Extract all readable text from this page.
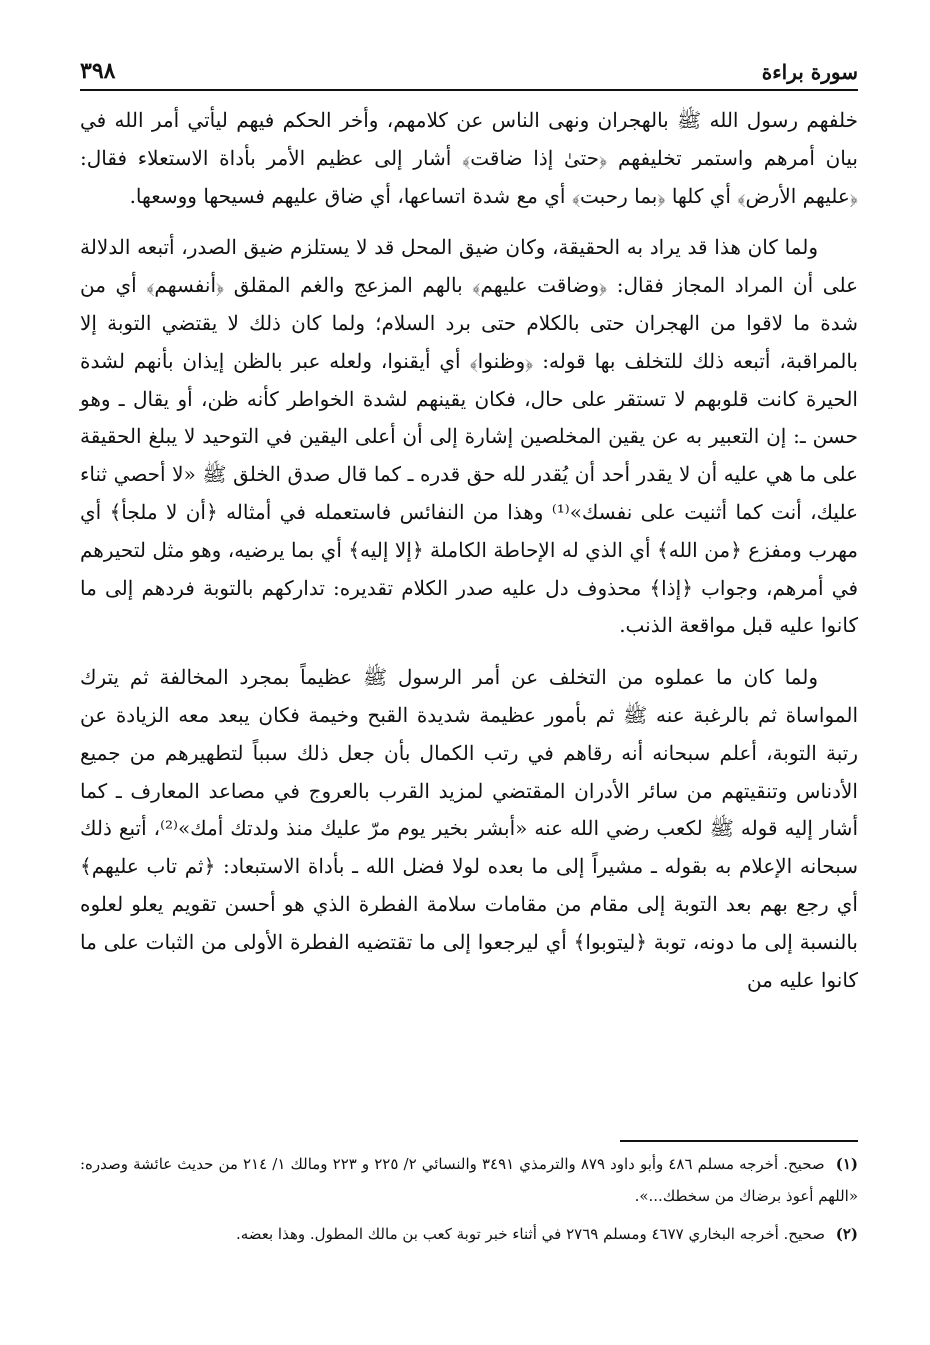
٣٩٨	سورة براءة

خلفهم رسول الله ﷺ بالهجران ونهى الناس عن كلامهم، وأخر الحكم فيهم ليأتي أمر الله في بيان أمرهم واستمر تخليفهم ﴿حتىٰ إذا ضاقت﴾ أشار إلى عظيم الأمر بأداة الاستعلاء فقال: ﴿عليهم الأرض﴾ أي كلها ﴿بما رحبت﴾ أي مع شدة اتساعها، أي ضاق عليهم فسيحها ووسعها.

ولما كان هذا قد يراد به الحقيقة، وكان ضيق المحل قد لا يستلزم ضيق الصدر، أتبعه الدلالة على أن المراد المجاز فقال: ﴿وضاقت عليهم﴾ بالهم المزعج والغم المقلق ﴿أنفسهم﴾ أي من شدة ما لاقوا من الهجران حتى بالكلام حتى برد السلام؛ ولما كان ذلك لا يقتضي التوبة إلا بالمراقبة، أتبعه ذلك للتخلف بها قوله: ﴿وظنوا﴾ أي أيقنوا، ولعله عبر بالظن إيذان بأنهم لشدة الحيرة كانت قلوبهم لا تستقر على حال، فكان يقينهم لشدة الخواطر كأنه ظن، أو يقال ـ وهو حسن ـ: إن التعبير به عن يقين المخلصين إشارة إلى أن أعلى اليقين في التوحيد لا يبلغ الحقيقة على ما هي عليه أن لا يقدر أحد أن يُقدر لله حق قدره ـ كما قال صدق الخلق ﷺ «لا أحصي ثناء عليك، أنت كما أثنيت على نفسك»⁽¹⁾ وهذا من النفائس فاستعمله في أمثاله ﴿أن لا ملجأ﴾ أي مهرب ومفزع ﴿من الله﴾ أي الذي له الإحاطة الكاملة ﴿إلا إليه﴾ أي بما يرضيه، وهو مثل لتحيرهم في أمرهم، وجواب ﴿إذا﴾ محذوف دل عليه صدر الكلام تقديره: تداركهم بالتوبة فردهم إلى ما كانوا عليه قبل مواقعة الذنب.

ولما كان ما عملوه من التخلف عن أمر الرسول ﷺ عظيماً بمجرد المخالفة ثم يترك المواساة ثم بالرغبة عنه ﷺ ثم بأمور عظيمة شديدة القبح وخيمة فكان يبعد معه الزيادة عن رتبة التوبة، أعلم سبحانه أنه رقاهم في رتب الكمال بأن جعل ذلك سبباً لتطهيرهم من جميع الأدناس وتنقيتهم من سائر الأدران المقتضي لمزيد القرب بالعروج في مصاعد المعارف ـ كما أشار إليه قوله ﷺ لكعب رضي الله عنه «أبشر بخير يوم مرّ عليك منذ ولدتك أمك»⁽²⁾، أتبع ذلك سبحانه الإعلام به بقوله ـ مشيراً إلى ما بعده لولا فضل الله ـ بأداة الاستبعاد: ﴿ثم تاب عليهم﴾ أي رجع بهم بعد التوبة إلى مقام من مقامات سلامة الفطرة الذي هو أحسن تقويم يعلو لعلوه بالنسبة إلى ما دونه، توبة ﴿ليتوبوا﴾ أي ليرجعوا إلى ما تقتضيه الفطرة الأولى من الثبات على ما كانوا عليه من

(١) صحيح. أخرجه مسلم ٤٨٦ وأبو داود ٨٧٩ والترمذي ٣٤٩١ والنسائي ٢/ ٢٢٥ و ٢٢٣ ومالك ١/ ٢١٤ من حديث عائشة وصدره: «اللهم أعوذ برضاك من سخطك...».

(٢) صحيح. أخرجه البخاري ٤٦٧٧ ومسلم ٢٧٦٩ في أثناء خبر توبة كعب بن مالك المطول. وهذا بعضه.
